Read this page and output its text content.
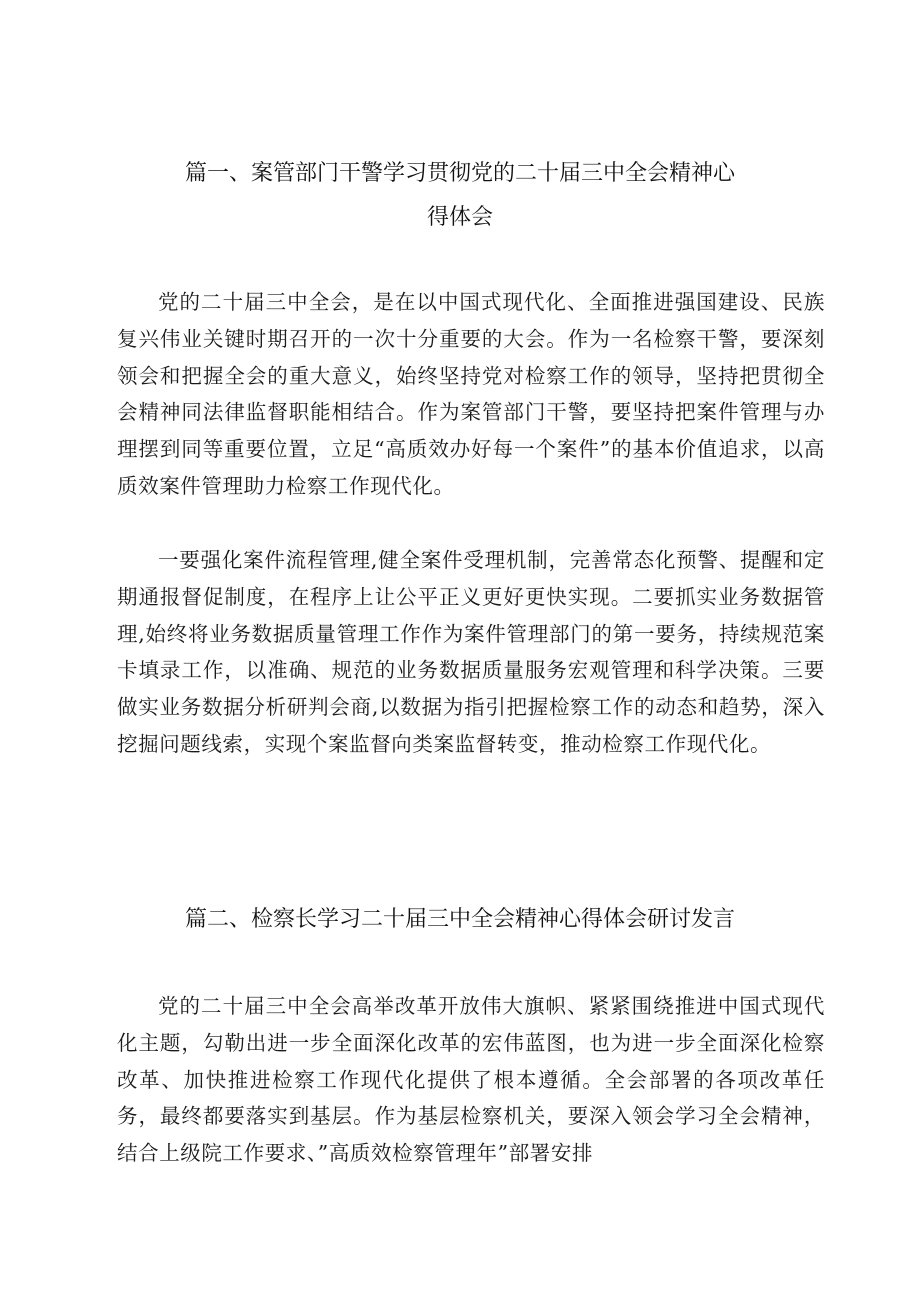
篇一、案管部门干警学习贯彻党的二十届三中全会精神心
得体会

党的二十届三中全会，是在以中国式现代化、全面推进强国建设、民族复兴伟业关键时期召开的一次十分重要的大会。作为一名检察干警，要深刻领会和把握全会的重大意义，始终坚持党对检察工作的领导，坚持把贯彻全会精神同法律监督职能相结合。作为案管部门干警，要坚持把案件管理与办理摆到同等重要位置，立足“高质效办好每一个案件”的基本价值追求，以高质效案件管理助力检察工作现代化。

一要强化案件流程管理,健全案件受理机制，完善常态化预警、提醒和定期通报督促制度，在程序上让公平正义更好更快实现。二要抓实业务数据管理,始终将业务数据质量管理工作作为案件管理部门的第一要务，持续规范案卡填录工作，以准确、规范的业务数据质量服务宏观管理和科学决策。三要做实业务数据分析研判会商,以数据为指引把握检察工作的动态和趋势，深入挖掘问题线索，实现个案监督向类案监督转变，推动检察工作现代化。

篇二、检察长学习二十届三中全会精神心得体会研讨发言

党的二十届三中全会高举改革开放伟大旗帜、紧紧围绕推进中国式现代化主题，勾勒出进一步全面深化改革的宏伟蓝图，也为进一步全面深化检察改革、加快推进检察工作现代化提供了根本遵循。全会部署的各项改革任务，最终都要落实到基层。作为基层检察机关，要深入领会学习全会精神，结合上级院工作要求、”高质效检察管理年”部署安排
